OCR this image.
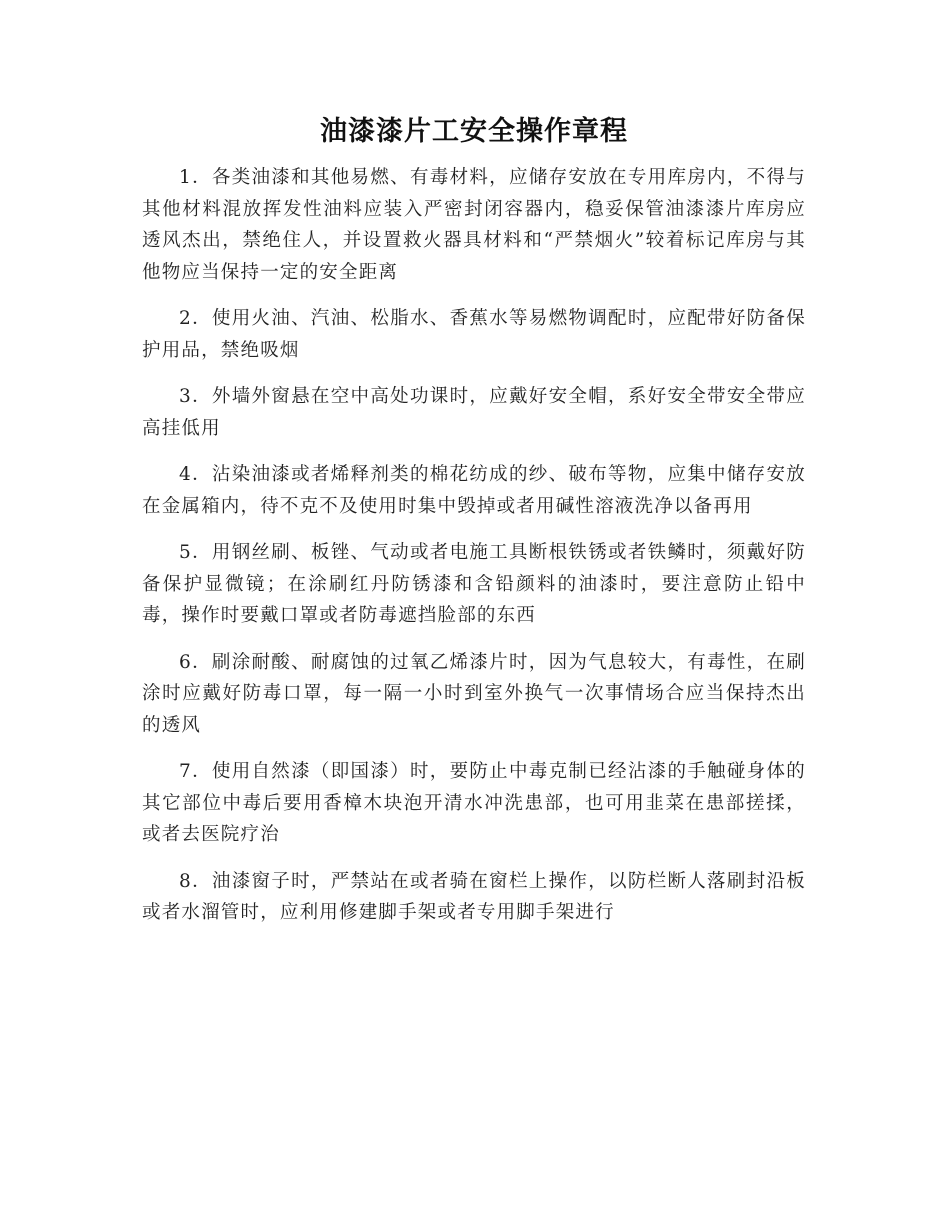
油漆漆片工安全操作章程

1．各类油漆和其他易燃、有毒材料，应储存安放在专用库房内，不得与其他材料混放挥发性油料应装入严密封闭容器内，稳妥保管油漆漆片库房应透风杰出，禁绝住人，并设置救火器具材料和“严禁烟火”较着标记库房与其他物应当保持一定的安全距离

2．使用火油、汽油、松脂水、香蕉水等易燃物调配时，应配带好防备保护用品，禁绝吸烟

3．外墙外窗悬在空中高处功课时，应戴好安全帽，系好安全带安全带应高挂低用

4．沾染油漆或者烯释剂类的棉花纺成的纱、破布等物，应集中储存安放在金属箱内，待不克不及使用时集中毁掉或者用碱性溶液洗净以备再用

5．用钢丝刷、板锉、气动或者电施工具断根铁锈或者铁鳞时，须戴好防备保护显微镜；在涂刷红丹防锈漆和含铅颜料的油漆时，要注意防止铅中毒，操作时要戴口罩或者防毒遮挡脸部的东西

6．刷涂耐酸、耐腐蚀的过氧乙烯漆片时，因为气息较大，有毒性，在刷涂时应戴好防毒口罩，每一隔一小时到室外换气一次事情场合应当保持杰出的透风

7．使用自然漆（即国漆）时，要防止中毒克制已经沾漆的手触碰身体的其它部位中毒后要用香樟木块泡开清水冲洗患部，也可用韭菜在患部搓揉，或者去医院疗治

8．油漆窗子时，严禁站在或者骑在窗栏上操作，以防栏断人落刷封沿板或者水溜管时，应利用修建脚手架或者专用脚手架进行
